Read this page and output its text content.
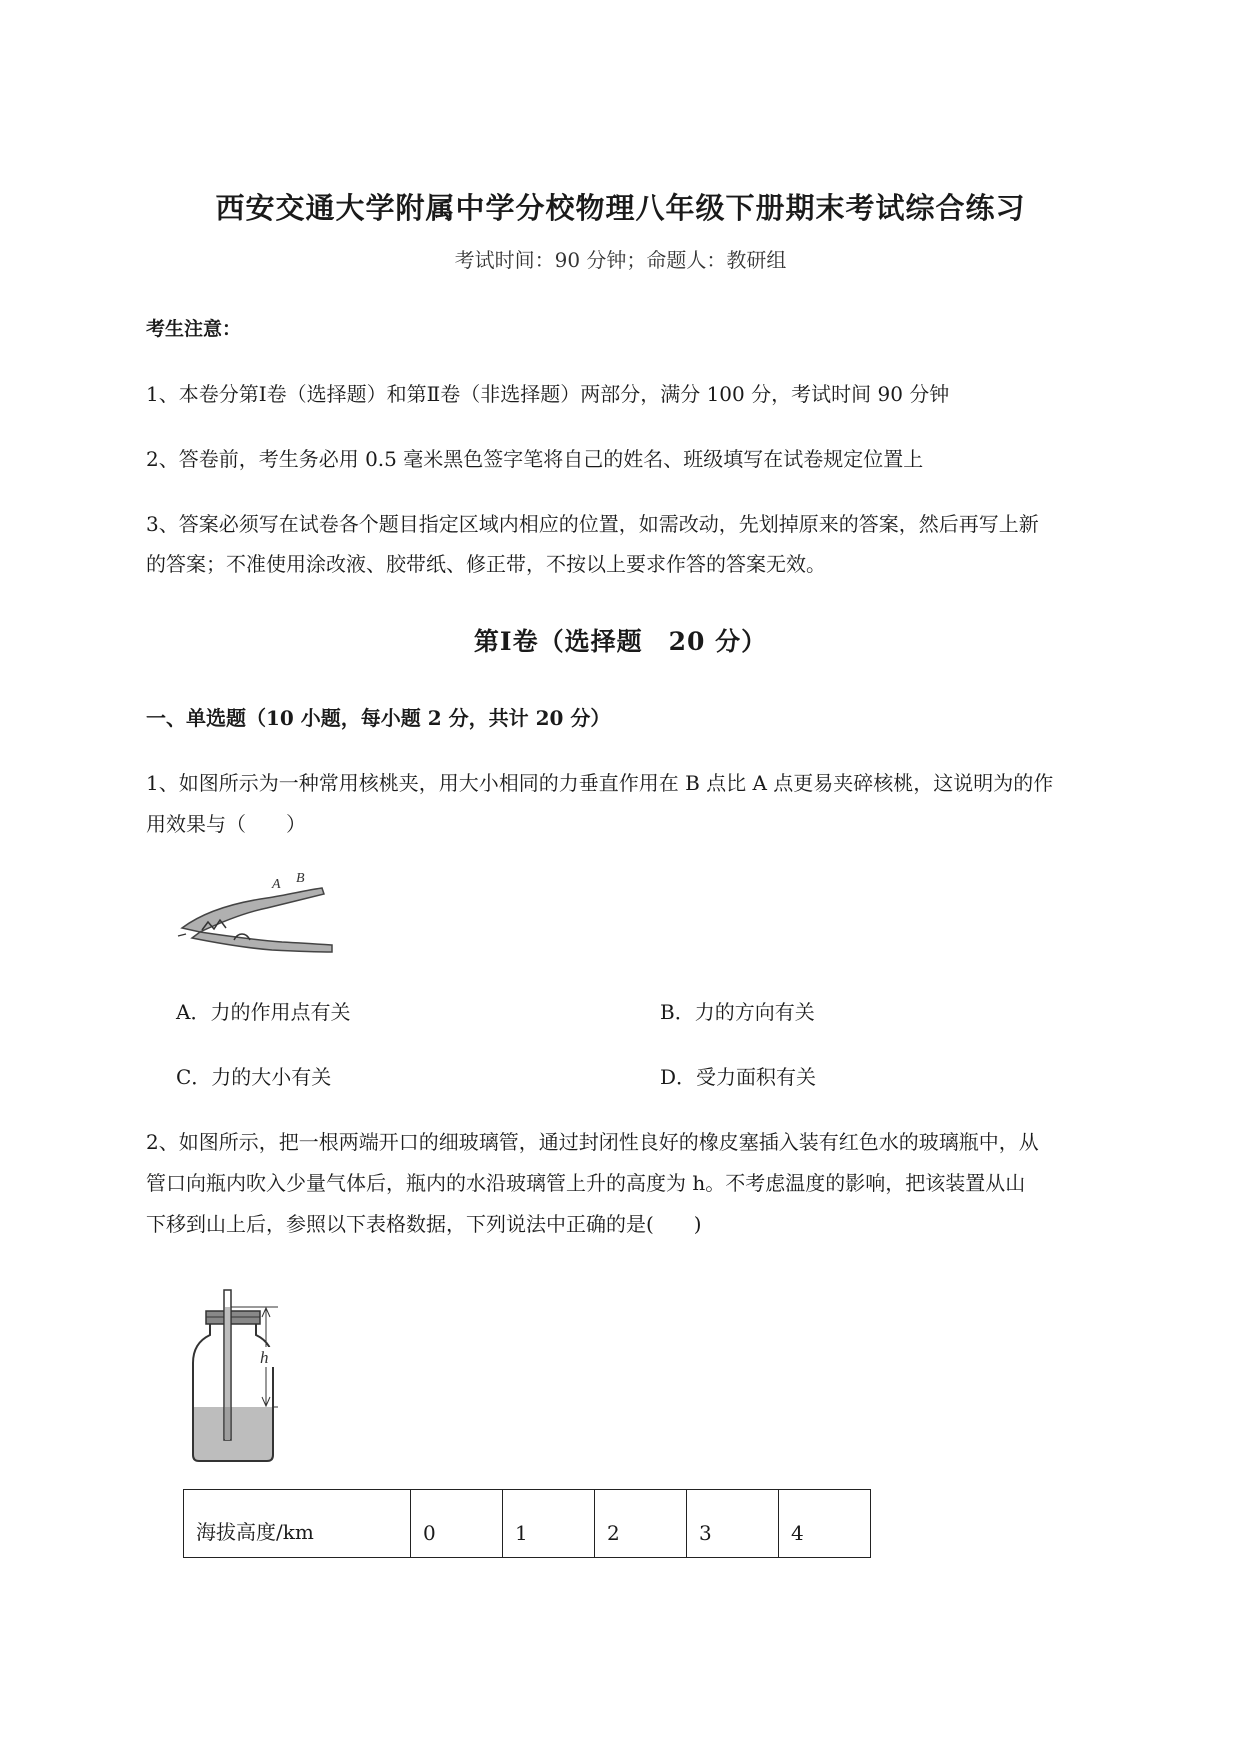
西安交通大学附属中学分校物理八年级下册期末考试综合练习
考试时间：90 分钟；命题人：教研组
考生注意：
1、本卷分第Ⅰ卷（选择题）和第Ⅱ卷（非选择题）两部分，满分 100 分，考试时间 90 分钟
2、答卷前，考生务必用 0.5 毫米黑色签字笔将自己的姓名、班级填写在试卷规定位置上
3、答案必须写在试卷各个题目指定区域内相应的位置，如需改动，先划掉原来的答案，然后再写上新
的答案；不准使用涂改液、胶带纸、修正带，不按以上要求作答的答案无效。
第Ⅰ卷（选择题　20 分）
一、单选题（10 小题，每小题 2 分，共计 20 分）
1、如图所示为一种常用核桃夹，用大小相同的力垂直作用在 B 点比 A 点更易夹碎核桃，这说明为的作
用效果与（　　）
A B
A．力的作用点有关	B．力的方向有关
C．力的大小有关	D．受力面积有关
2、如图所示，把一根两端开口的细玻璃管，通过封闭性良好的橡皮塞插入装有红色水的玻璃瓶中，从
管口向瓶内吹入少量气体后，瓶内的水沿玻璃管上升的高度为 h。不考虑温度的影响，把该装置从山
下移到山上后，参照以下表格数据，下列说法中正确的是(　　)
h
海拔高度/km	0	1	2	3	4
